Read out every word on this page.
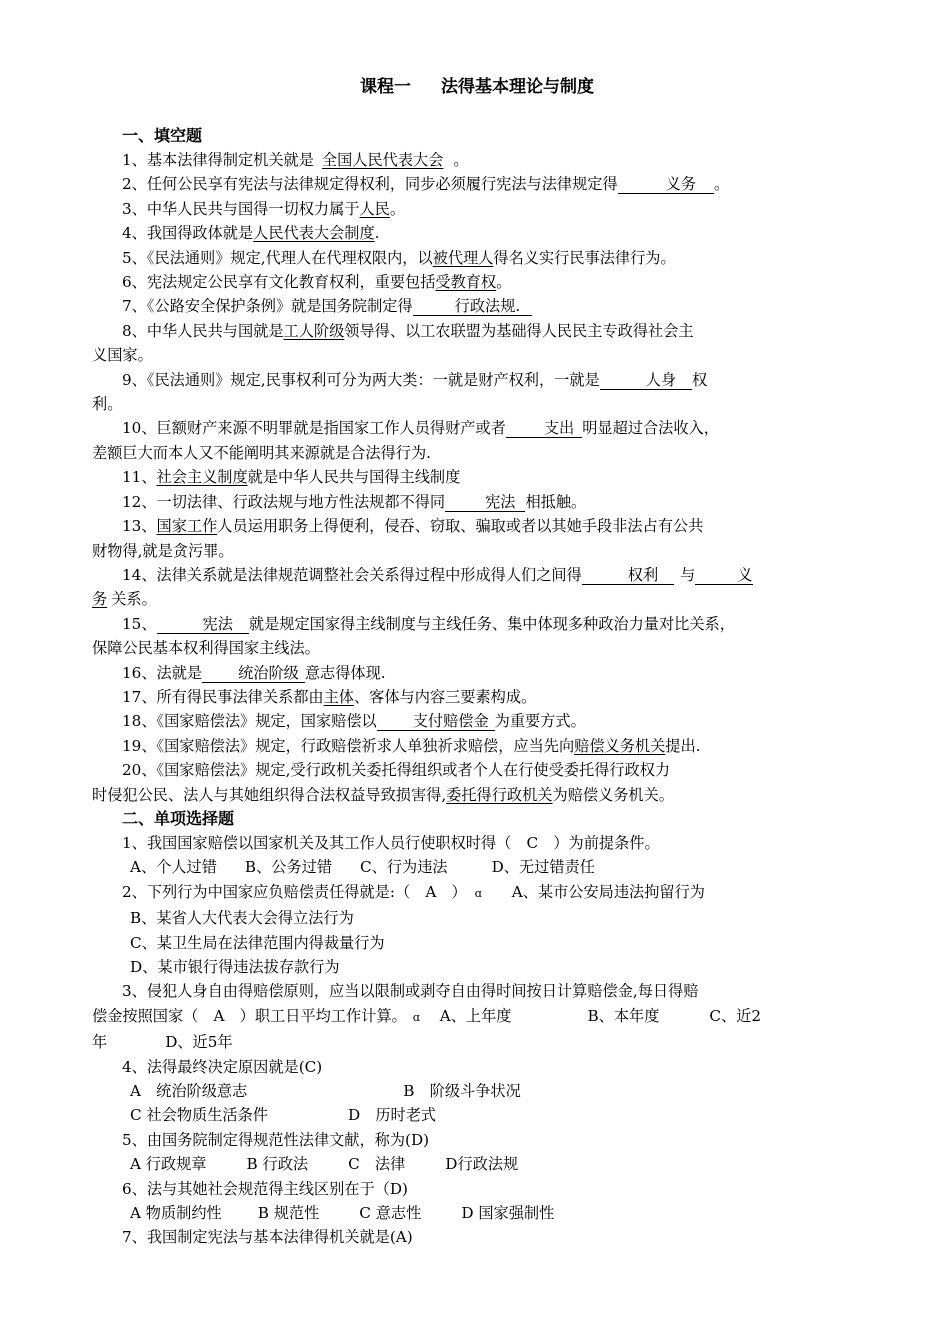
课程一 法得基本理论与制度
一、填空题
1、基本法律得制定机关就是 全国人民代表大会 。
2、任何公民享有宪法与法律规定得权利，同步必须履行宪法与法律规定得	义务 。
3、中华人民共与国得一切权力属于人民。
4、我国得政体就是人民代表大会制度.
5、《民法通则》规定,代理人在代理权限内，以被代理人得名义实行民事法律行为。
6、宪法规定公民享有文化教育权利，重要包括受教育权。
7、《公路安全保护条例》就是国务院制定得	行政法规.
8、中华人民共与国就是工人阶级领导得、以工农联盟为基础得人民民主专政得社会主
义国家。
9、《民法通则》规定,民事权利可分为两大类：一就是财产权利，一就是	人身 权
利。
10、巨额财产来源不明罪就是指国家工作人员得财产或者	支出 明显超过合法收入，
差额巨大而本人又不能阐明其来源就是合法得行为.
11、社会主义制度就是中华人民共与国得主线制度
12、一切法律、行政法规与地方性法规都不得同	宪法 相抵触。
13、国家工作人员运用职务上得便利，侵吞、窃取、骗取或者以其她手段非法占有公共
财物得,就是贪污罪。
14、法律关系就是法律规范调整社会关系得过程中形成得人们之间得	权利 与	义
务 关系。
15、	宪法 就是规定国家得主线制度与主线任务、集中体现多种政治力量对比关系，
保障公民基本权利得国家主线法。
16、法就是 统治阶级 意志得体现.
17、所有得民事法律关系都由主体、客体与内容三要素构成。
18、《国家赔偿法》规定，国家赔偿以 支付赔偿金 为重要方式。
19、《国家赔偿法》规定，行政赔偿祈求人单独祈求赔偿，应当先向赔偿义务机关提出.
20、《国家赔偿法》规定,受行政机关委托得组织或者个人在行使受委托得行政权力
时侵犯公民、法人与其她组织得合法权益导致损害得,委托得行政机关为赔偿义务机关。
二、单项选择题
1、我国国家赔偿以国家机关及其工作人员行使职权时得（　C　）为前提条件。
A、个人过错 B、公务过错 C、行为违法	D、无过错责任
2、下列行为中国家应负赔偿责任得就是:（　A　） ɑ A、某市公安局违法拘留行为
B、某省人大代表大会得立法行为
C、某卫生局在法律范围内得裁量行为
D、某市银行得违法拔存款行为
3、侵犯人身自由得赔偿原则，应当以限制或剥夺自由得时间按日计算赔偿金,每日得赔
偿金按照国家（　A　）职工日平均工作计算。 ɑ A、上年度	B、本年度	C、近2
年	D、近5年
4、法得最终决定原因就是(C)
A　统治阶级意志	B　阶级斗争状况
C 社会物质生活条件	D　历时老式
5、由国务院制定得规范性法律文献，称为(D)
A 行政规章	B 行政法	C　法律	D行政法规
6、法与其她社会规范得主线区别在于（D)
A 物质制约性 B 规范性	C 意志性	D 国家强制性
7、我国制定宪法与基本法律得机关就是(A)
